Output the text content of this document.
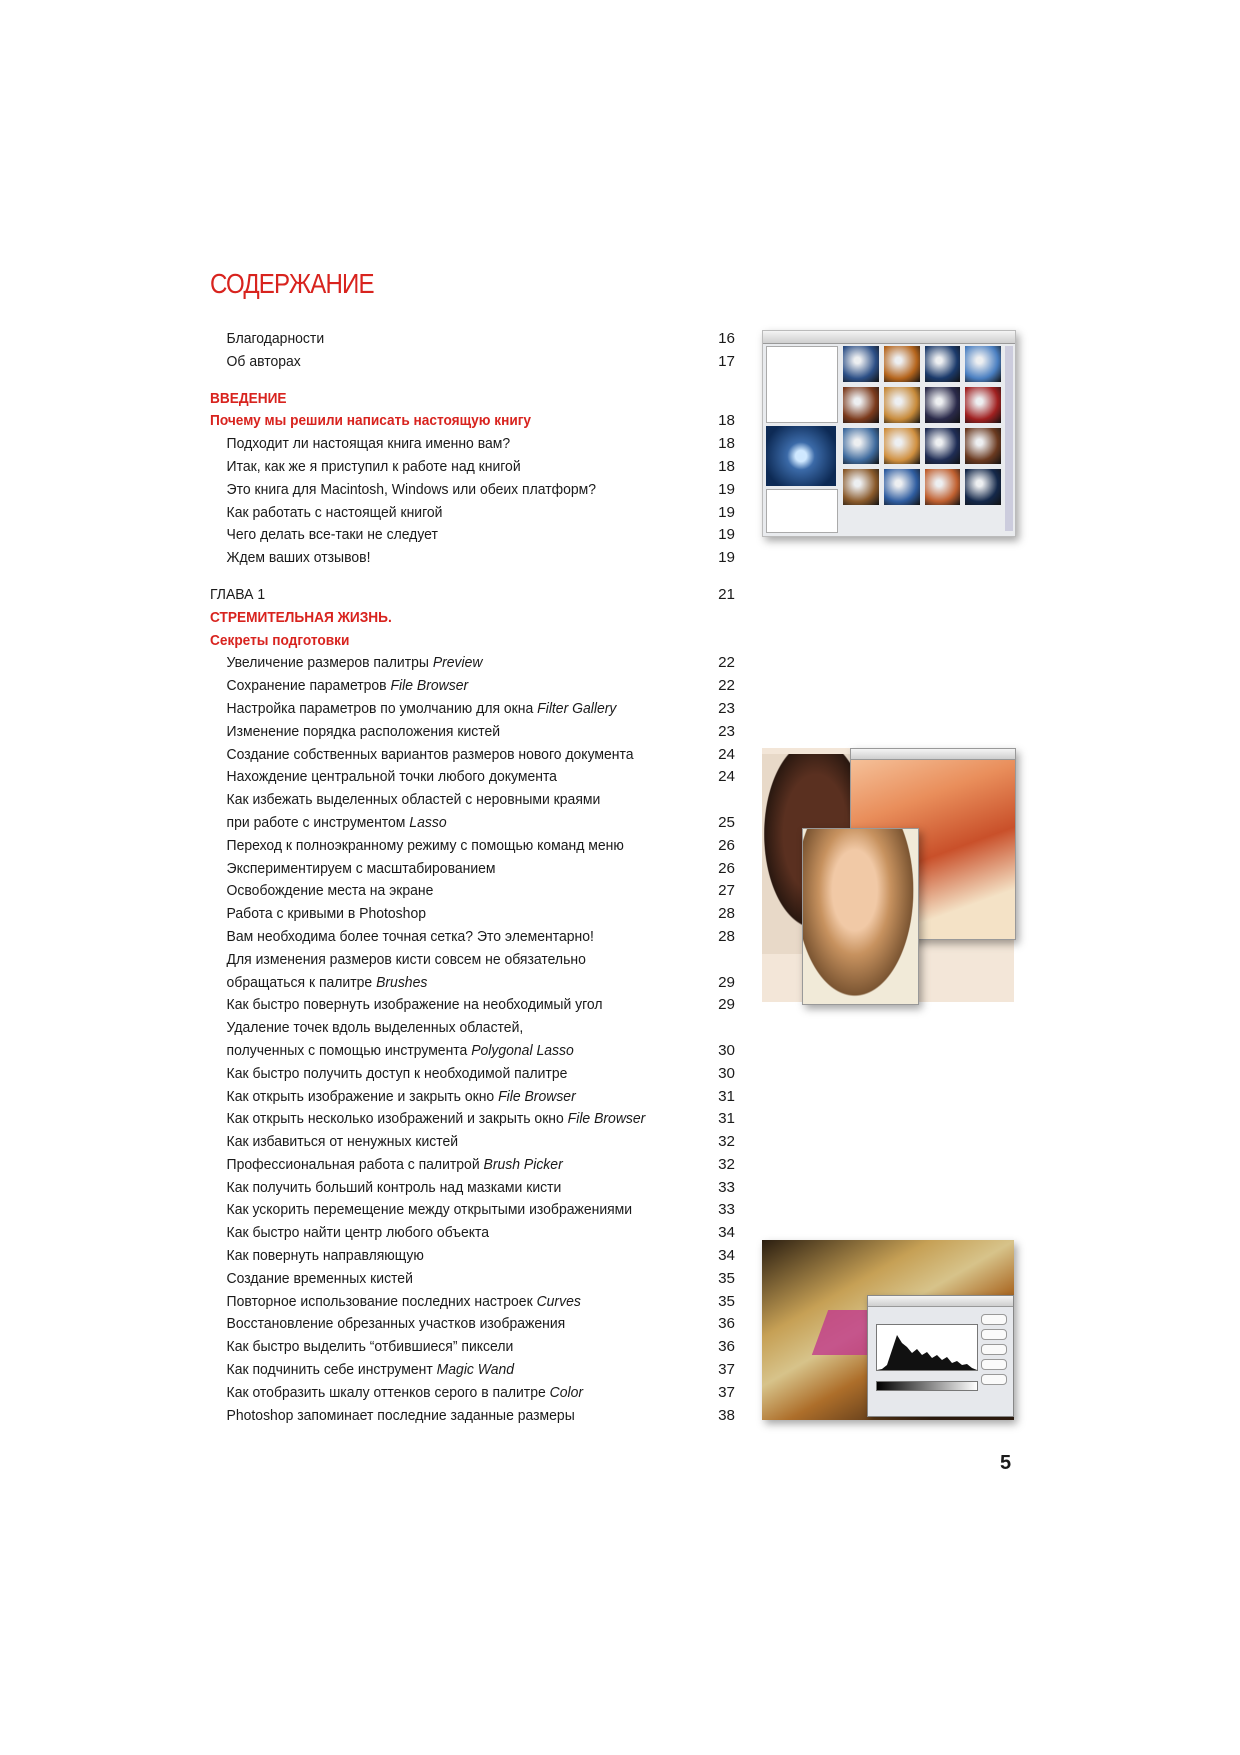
СОДЕРЖАНИЕ
Благодарности	16
Об авторах	17
ВВЕДЕНИЕ
Почему мы решили написать настоящую книгу	18
Подходит ли настоящая книга именно вам?	18
Итак, как же я приступил к работе над книгой	18
Это книга для Macintosh, Windows или обеих платформ?	19
Как работать с настоящей книгой	19
Чего делать все-таки не следует	19
Ждем ваших отзывов!	19
ГЛАВА 1	21
СТРЕМИТЕЛЬНАЯ ЖИЗНЬ.
Секреты подготовки
Увеличение размеров палитры Preview	22
Сохранение параметров File Browser	22
Настройка параметров по умолчанию для окна Filter Gallery	23
Изменение порядка расположения кистей	23
Создание собственных вариантов размеров нового документа	24
Нахождение центральной точки любого документа	24
Как избежать выделенных областей с неровными краями
при работе с инструментом Lasso	25
Переход к полноэкранному режиму с помощью команд меню	26
Экспериментируем с масштабированием	26
Освобождение места на экране	27
Работа с кривыми в Photoshop	28
Вам необходима более точная сетка? Это элементарно!	28
Для изменения размеров кисти совсем не обязательно
обращаться к палитре Brushes	29
Как быстро повернуть изображение на необходимый угол	29
Удаление точек вдоль выделенных областей,
полученных с помощью инструмента Polygonal Lasso	30
Как быстро получить доступ к необходимой палитре	30
Как открыть изображение и закрыть окно File Browser	31
Как открыть несколько изображений и закрыть окно File Browser	31
Как избавиться от ненужных кистей	32
Профессиональная работа с палитрой Brush Picker	32
Как получить больший контроль над мазками кисти	33
Как ускорить перемещение между открытыми изображениями	33
Как быстро найти центр любого объекта	34
Как повернуть направляющую	34
Создание временных кистей	35
Повторное использование последних настроек Curves	35
Восстановление обрезанных участков изображения	36
Как быстро выделить “отбившиеся” пиксели	36
Как подчинить себе инструмент Magic Wand	37
Как отобразить шкалу оттенков серого в палитре Color	37
Photoshop запоминает последние заданные размеры	38
5
